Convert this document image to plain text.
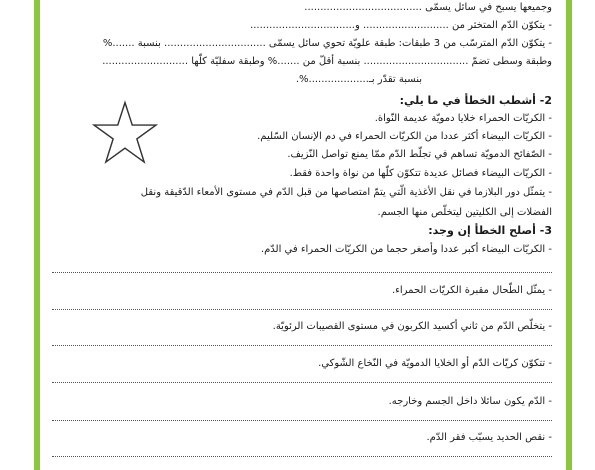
وجميعها يسبح في سائل يسمّى .....................................
- يتكوّن الدّم المتخثر من ........................... و.................................
- يتكوّن الدّم المترسّب من 3 طبقات: طبقة علويّة تحوي سائل يسمّى ................................ بنسبة .......%
وطبقة وسطى تضمّ ................................. بنسبة أقلّ من .......% وطبقة سفليّة كلّها ...........................
بنسبة تقدّر بـ...................%.
2- أشطب الخطأ في ما يلي:
- الكريّات الحمراء خلايا دمويّة عديمة النّواة.
- الكريّات البيضاء أكثر عددا من الكريّات الحمراء في دم الإنسان السّليم.
- الصّفائح الدمويّة تساهم في تجلّط الدّم ممّا يمنع تواصل النّزيف.
- الكريّات البيضاء فصائل عديدة تتكوّن كلّها من نواة واحدة فقط.
- يتمثّل دور البلازما في نقل الأغذية الّتي يتمّ امتصاصها من قبل الدّم في مستوى الأمعاء الدّقيقة ونقل
الفضلات إلى الكليتين ليتخلّص منها الجسم.
3- أصلح الخطأ إن وجد:
- الكريّات البيضاء أكبر عددا وأصغر حجما من الكريّات الحمراء في الدّم.
- يمثّل الطّحال مقبرة الكريّات الحمراء.
- يتخلّص الدّم من ثاني أكسيد الكربون في مستوى القصيبات الرئويّة.
- تتكوّن كريّات الدّم أو الخلايا الدمويّة في النّخاع الشّوكي.
- الدّم يكون سائلا داخل الجسم وخارجه.
- نقص الحديد يسبّب فقر الدّم.
